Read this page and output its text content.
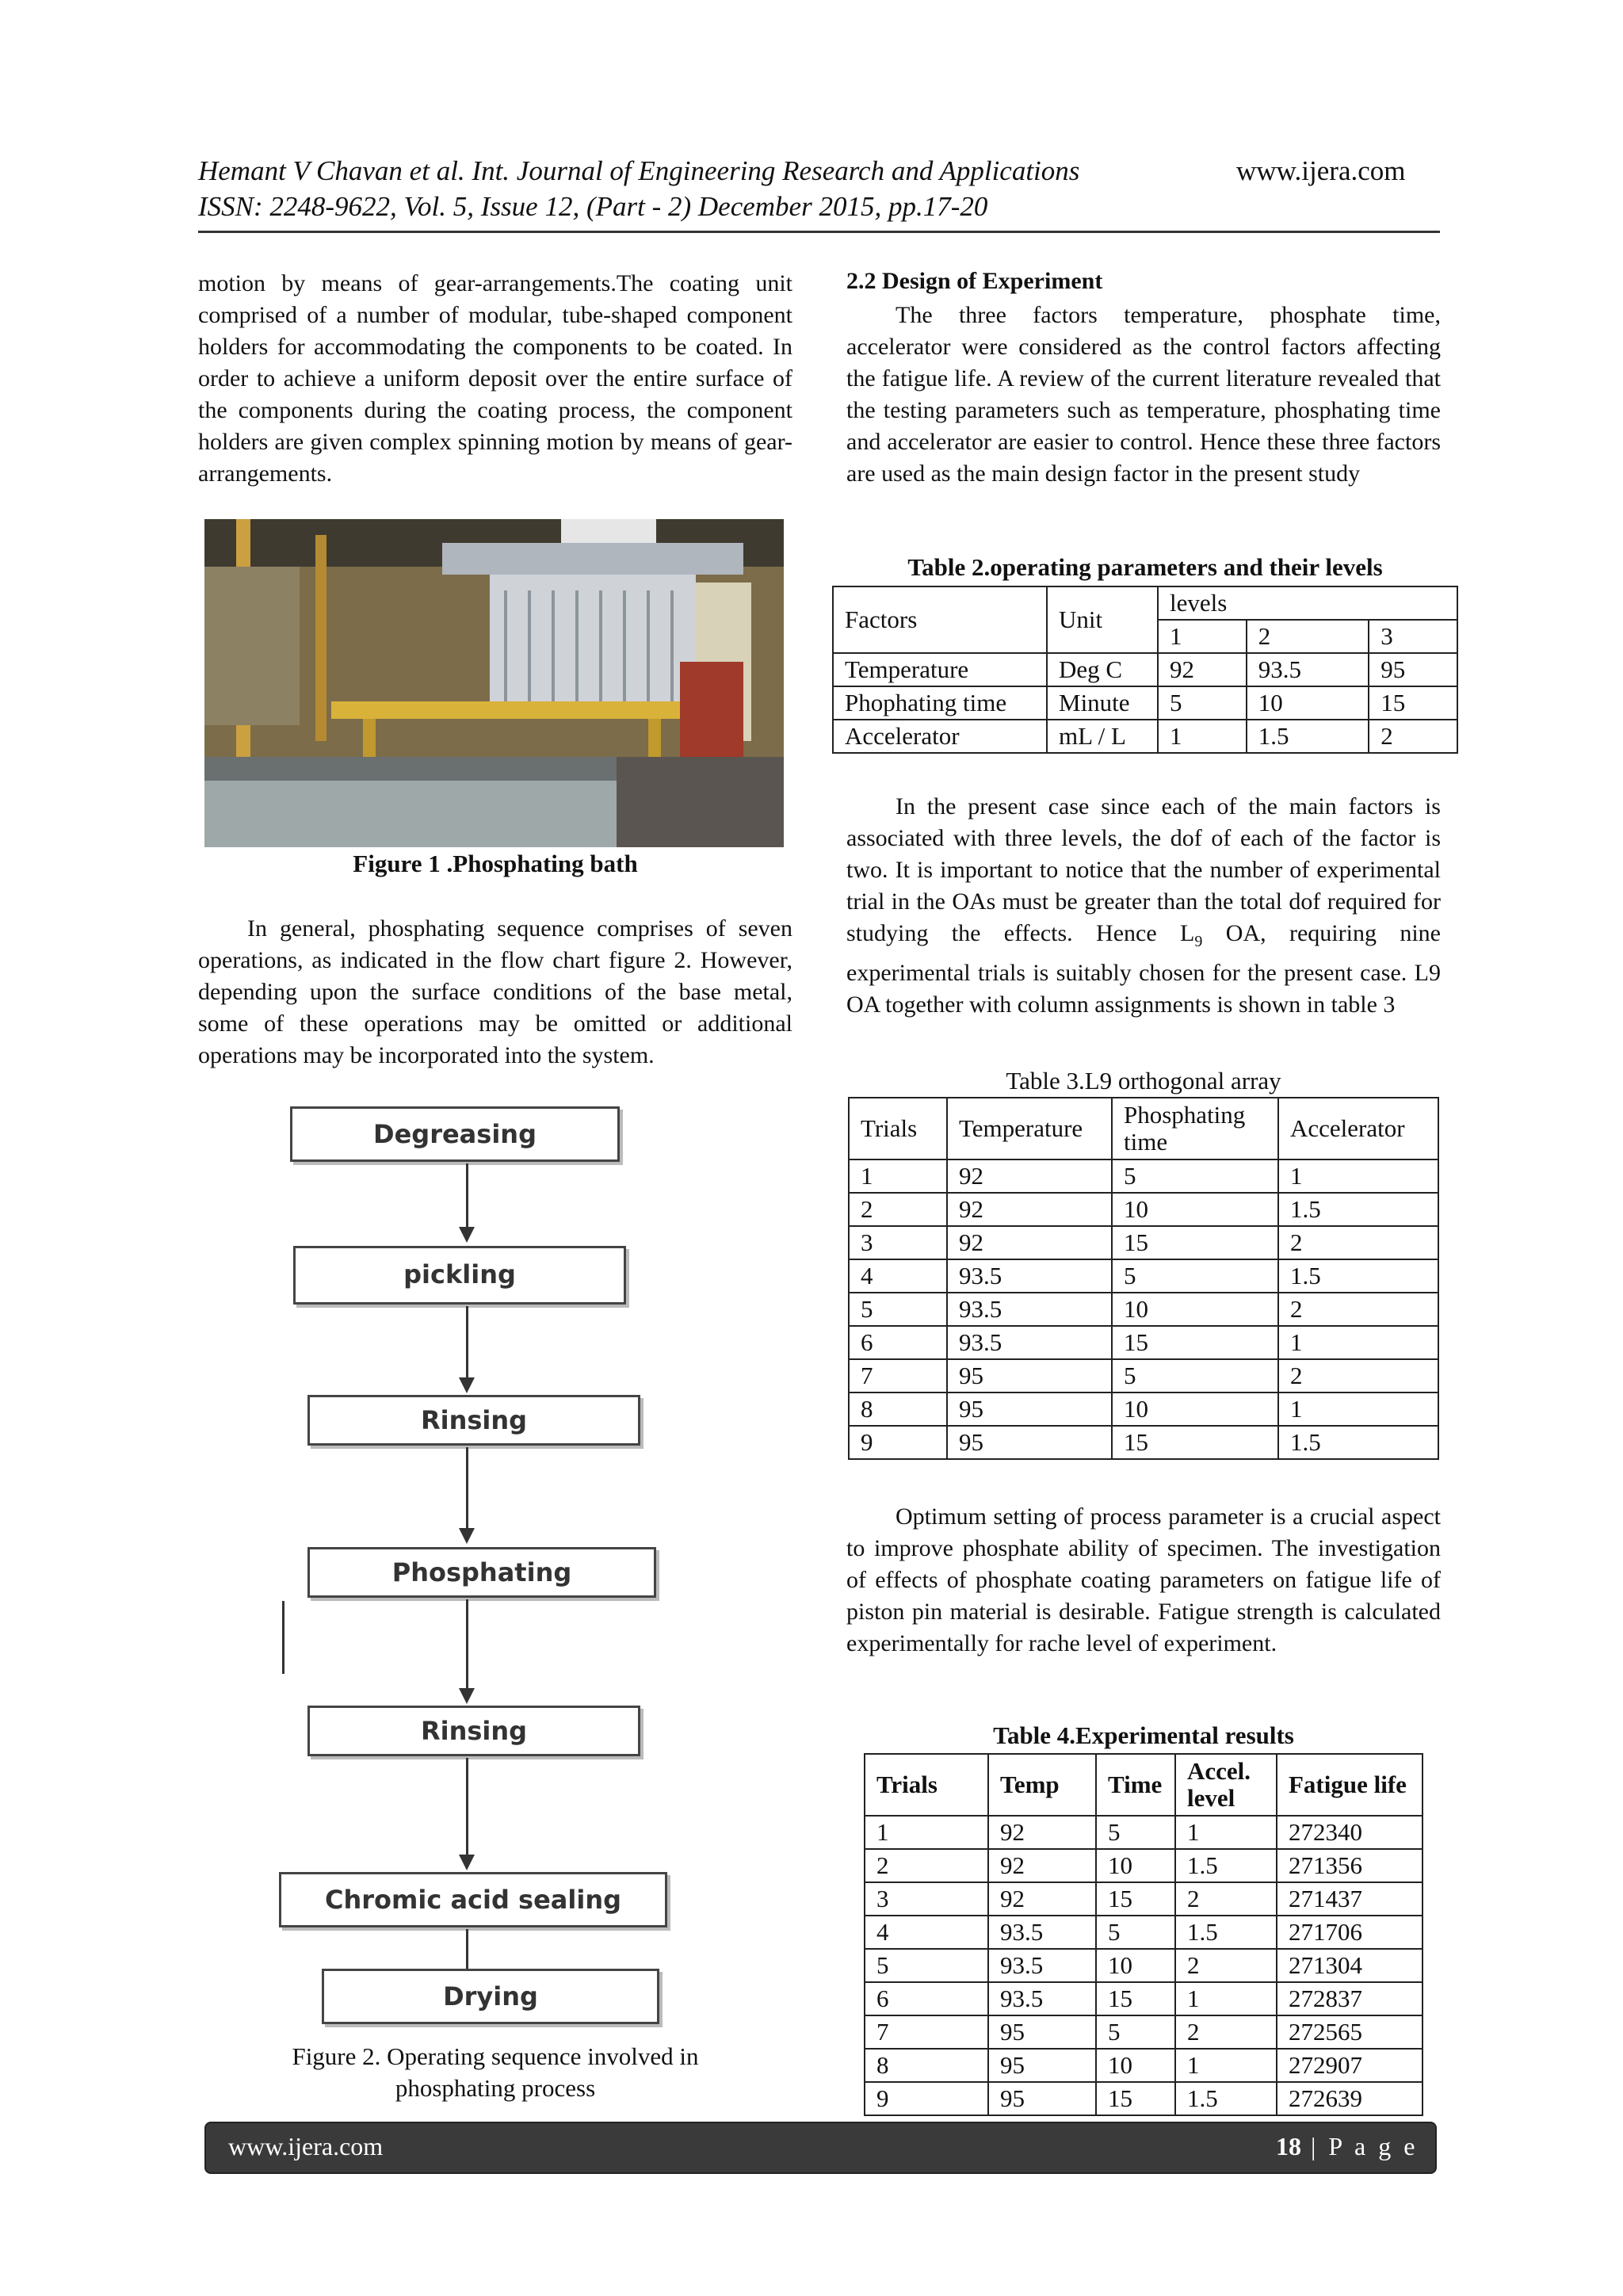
Hemant V Chavan et al. Int. Journal of Engineering Research and Applications	www.ijera.com
ISSN: 2248-9622, Vol. 5, Issue 12, (Part - 2) December 2015, pp.17-20
motion by means of gear-arrangements.The coating unit comprised of a number of modular, tube-shaped component holders for accommodating the components to be coated. In order to achieve a uniform deposit over the entire surface of the components during the coating process, the component holders are given complex spinning motion by means of gear-arrangements.
Figure 1 .Phosphating bath
In general, phosphating sequence comprises of seven operations, as indicated in the flow chart figure 2. However, depending upon the surface conditions of the base metal, some of these operations may be omitted or additional operations may be incorporated into the system.
Degreasing
pickling
Rinsing
Phosphating
Rinsing
Chromic acid sealing
Drying
Figure 2. Operating sequence involved in
phosphating process
2.2 Design of Experiment
The three factors temperature, phosphate time, accelerator were considered as the control factors affecting the fatigue life. A review of the current literature revealed that the testing parameters such as temperature, phosphating time and accelerator are easier to control. Hence these three factors are used as the main design factor in the present study
Table 2.operating parameters and their levels
Factors	Unit	levels		
		1	2	3
Temperature	Deg C	92	93.5	95
Phophating time	Minute	5	10	15
Accelerator	mL / L	1	1.5	2
In the present case since each of the main factors is associated with three levels, the dof of each of the factor is two. It is important to notice that the number of experimental trial in the OAs must be greater than the total dof required for studying the effects. Hence $L_9$ OA, requiring nine experimental trials is suitably chosen for the present case. L9 OA together with column assignments is shown in table 3
Table 3.L9 orthogonal array
Trials	Temperature	Phosphating time	Accelerator
1	92	5	1
2	92	10	1.5
3	92	15	2
4	93.5	5	1.5
5	93.5	10	2
6	93.5	15	1
7	95	5	2
8	95	10	1
9	95	15	1.5
Optimum setting of process parameter is a crucial aspect to improve phosphate ability of specimen. The investigation of effects of phosphate coating parameters on fatigue life of piston pin material is desirable. Fatigue strength is calculated experimentally for rache level of experiment.
Table 4.Experimental results
Trials	Temp	Time	Accel. level	Fatigue life
1	92	5	1	272340
2	92	10	1.5	271356
3	92	15	2	271437
4	93.5	5	1.5	271706
5	93.5	10	2	271304
6	93.5	15	1	272837
7	95	5	2	272565
8	95	10	1	272907
9	95	15	1.5	272639
www.ijera.com	18 | P a g e
